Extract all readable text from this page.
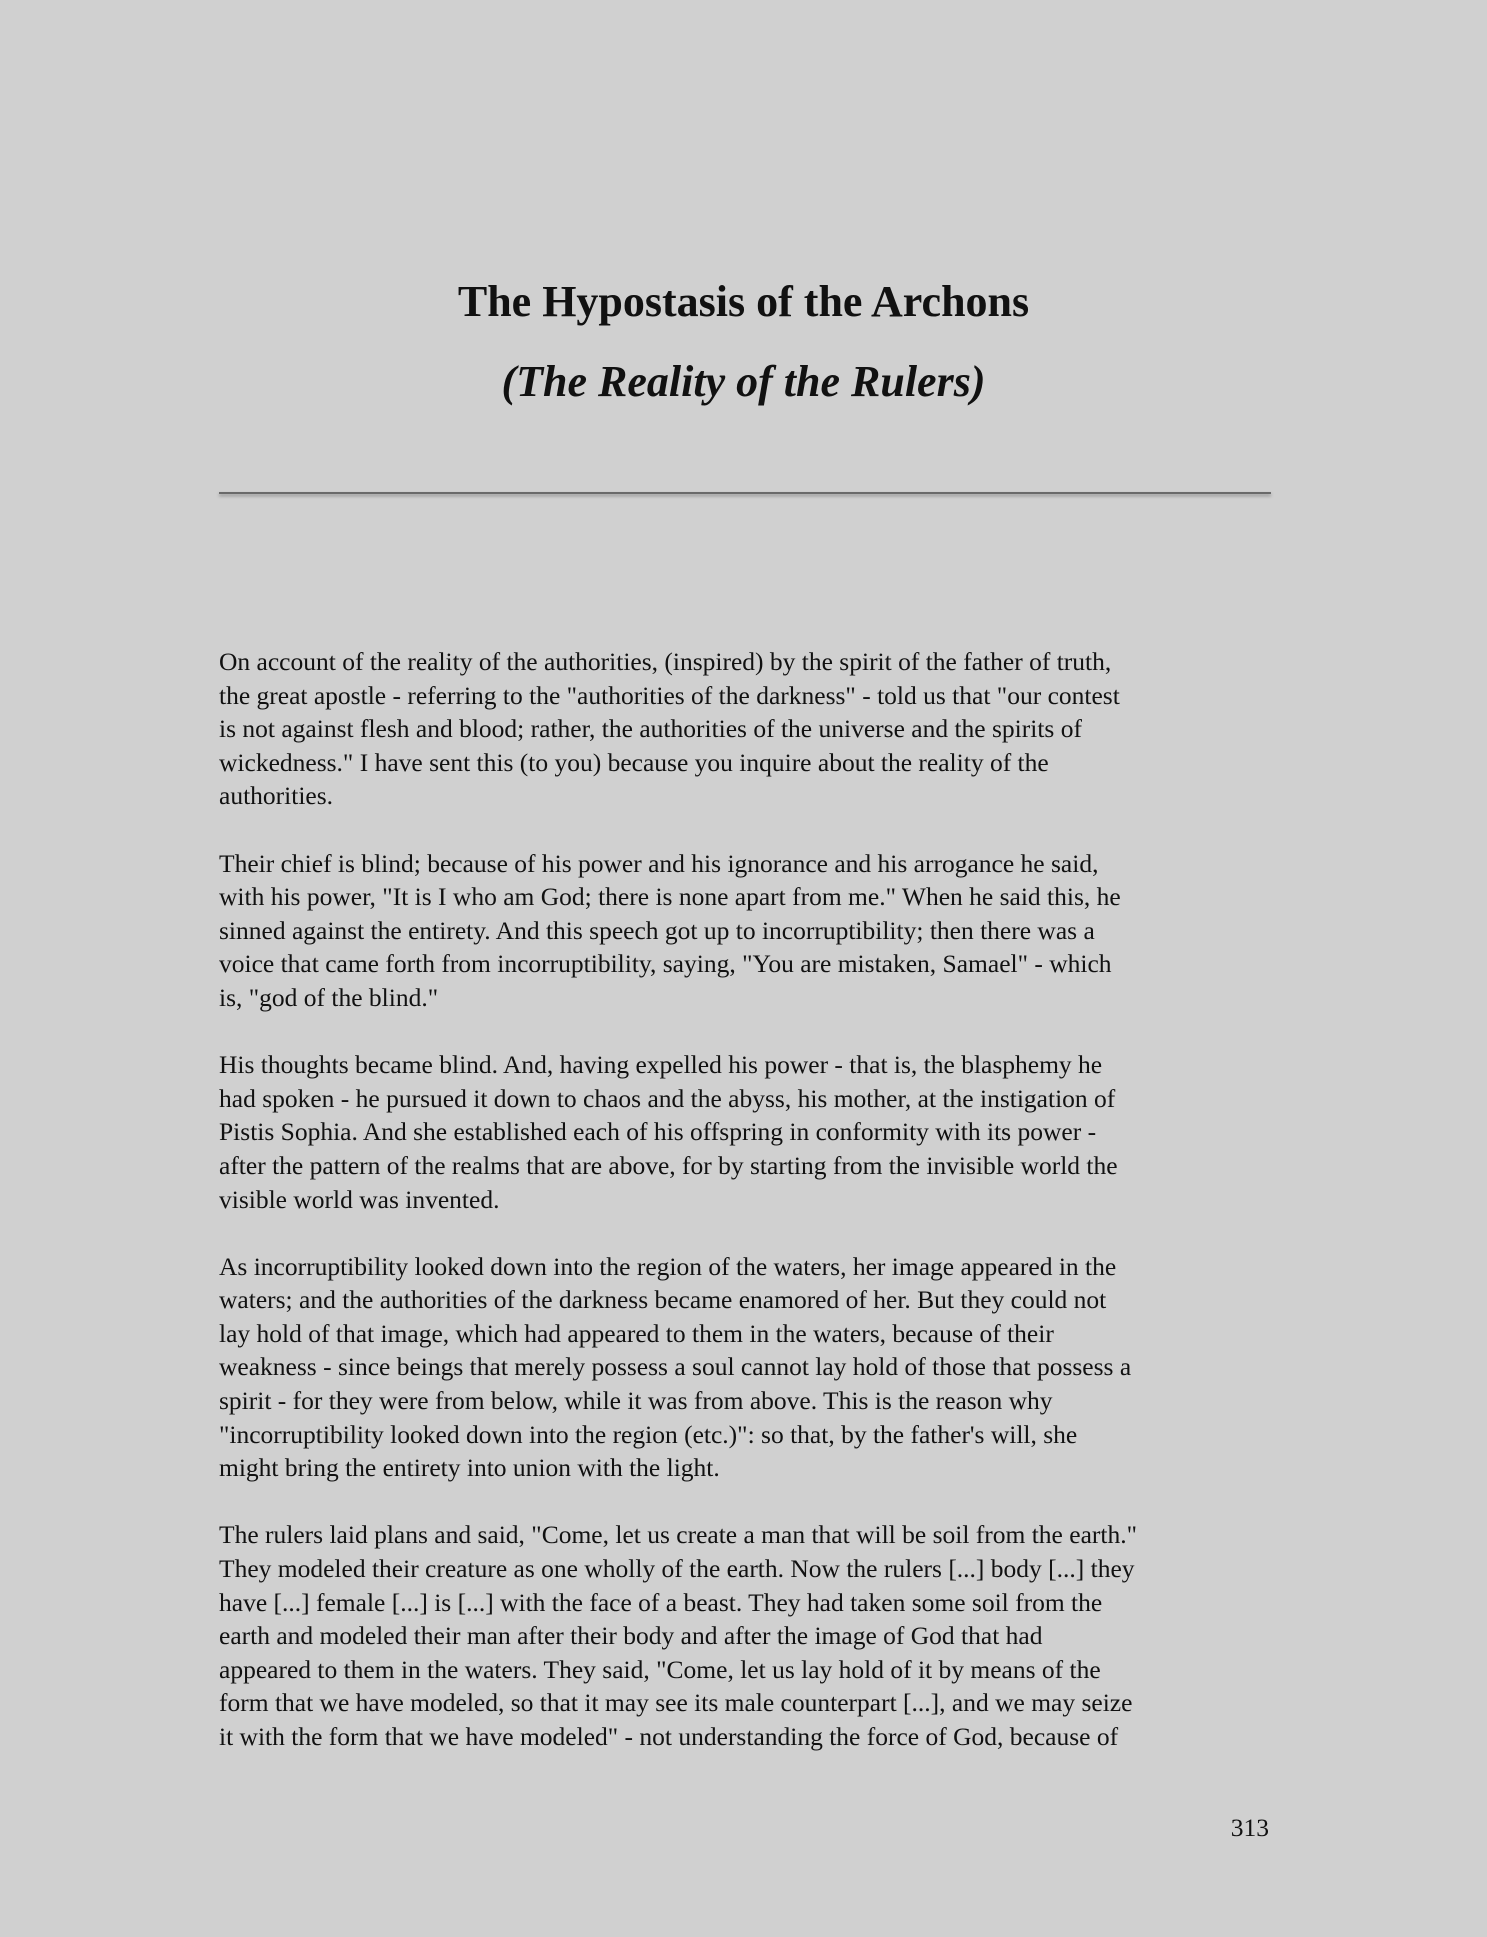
The Hypostasis of the Archons
(The Reality of the Rulers)

On account of the reality of the authorities, (inspired) by the spirit of the father of truth,
the great apostle - referring to the "authorities of the darkness" - told us that "our contest
is not against flesh and blood; rather, the authorities of the universe and the spirits of
wickedness." I have sent this (to you) because you inquire about the reality of the
authorities.

Their chief is blind; because of his power and his ignorance and his arrogance he said,
with his power, "It is I who am God; there is none apart from me." When he said this, he
sinned against the entirety. And this speech got up to incorruptibility; then there was a
voice that came forth from incorruptibility, saying, "You are mistaken, Samael" - which
is, "god of the blind."

His thoughts became blind. And, having expelled his power - that is, the blasphemy he
had spoken - he pursued it down to chaos and the abyss, his mother, at the instigation of
Pistis Sophia. And she established each of his offspring in conformity with its power -
after the pattern of the realms that are above, for by starting from the invisible world the
visible world was invented.

As incorruptibility looked down into the region of the waters, her image appeared in the
waters; and the authorities of the darkness became enamored of her. But they could not
lay hold of that image, which had appeared to them in the waters, because of their
weakness - since beings that merely possess a soul cannot lay hold of those that possess a
spirit - for they were from below, while it was from above. This is the reason why
"incorruptibility looked down into the region (etc.)": so that, by the father's will, she
might bring the entirety into union with the light.

The rulers laid plans and said, "Come, let us create a man that will be soil from the earth."
They modeled their creature as one wholly of the earth. Now the rulers [...] body [...] they
have [...] female [...] is [...] with the face of a beast. They had taken some soil from the
earth and modeled their man after their body and after the image of God that had
appeared to them in the waters. They said, "Come, let us lay hold of it by means of the
form that we have modeled, so that it may see its male counterpart [...], and we may seize
it with the form that we have modeled" - not understanding the force of God, because of

313
